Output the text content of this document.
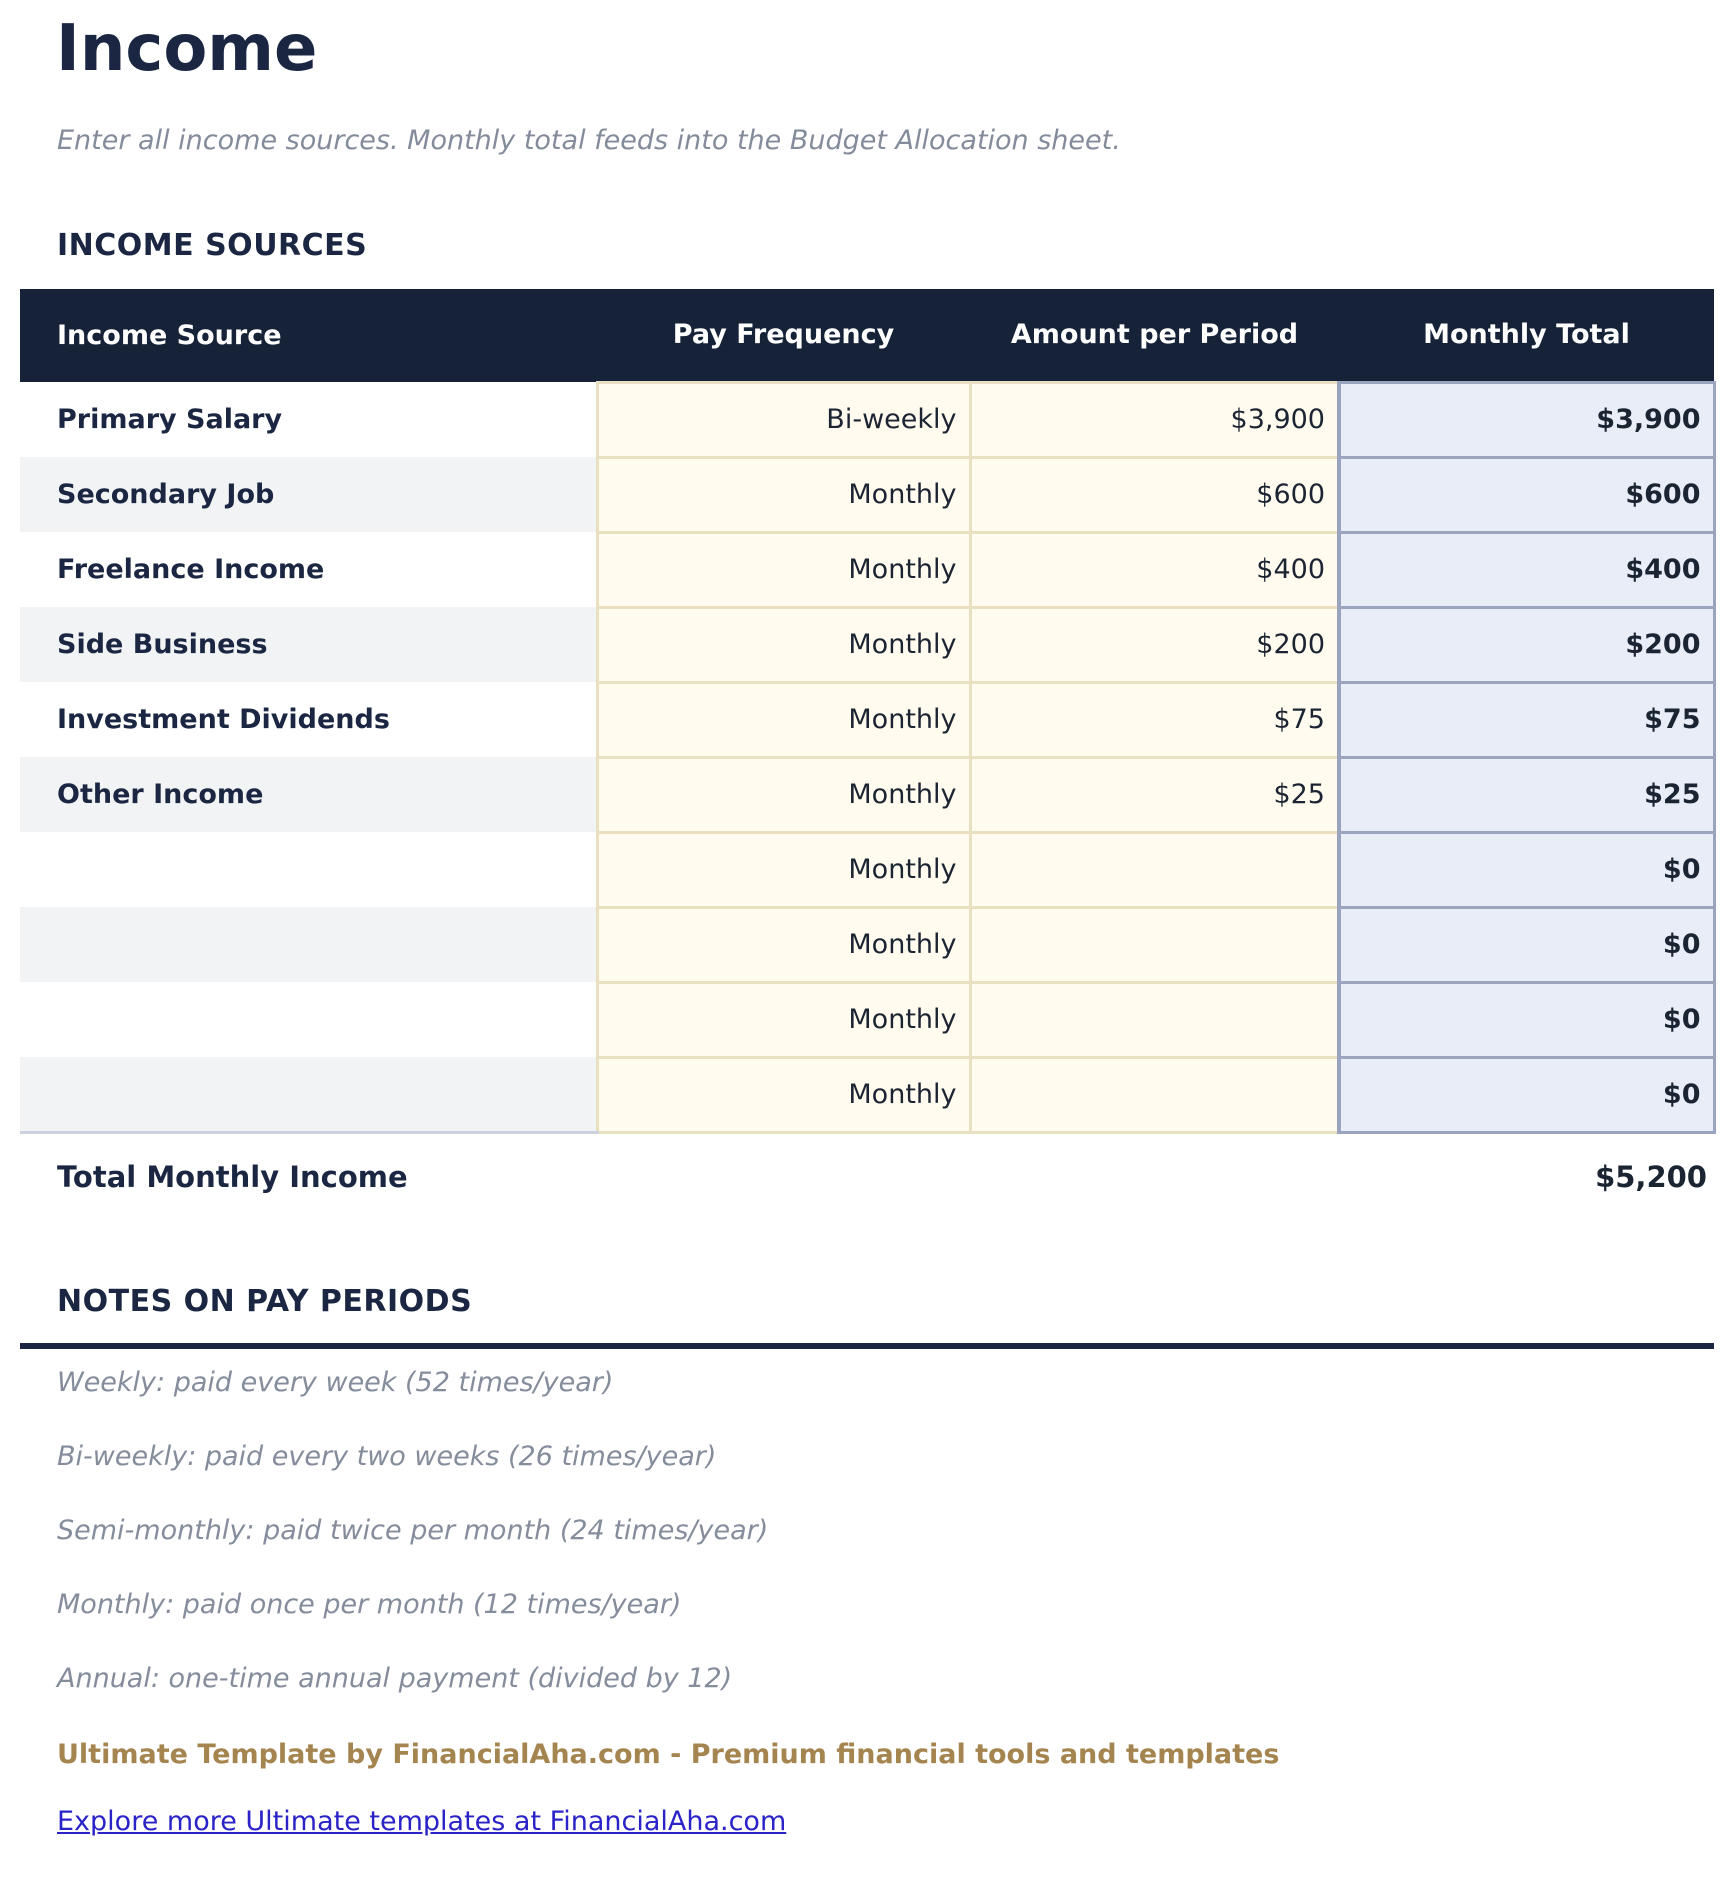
Income
Enter all income sources. Monthly total feeds into the Budget Allocation sheet.
INCOME SOURCES
Income Source	Pay Frequency	Amount per Period	Monthly Total
Primary Salary	Bi-weekly	$3,900	$3,900
Secondary Job	Monthly	$600	$600
Freelance Income	Monthly	$400	$400
Side Business	Monthly	$200	$200
Investment Dividends	Monthly	$75	$75
Other Income	Monthly	$25	$25
	Monthly		$0
	Monthly		$0
	Monthly		$0
	Monthly		$0
Total Monthly Income	$5,200
NOTES ON PAY PERIODS
Weekly: paid every week (52 times/year)
Bi-weekly: paid every two weeks (26 times/year)
Semi-monthly: paid twice per month (24 times/year)
Monthly: paid once per month (12 times/year)
Annual: one-time annual payment (divided by 12)
Ultimate Template by FinancialAha.com - Premium financial tools and templates
Explore more Ultimate templates at FinancialAha.com
